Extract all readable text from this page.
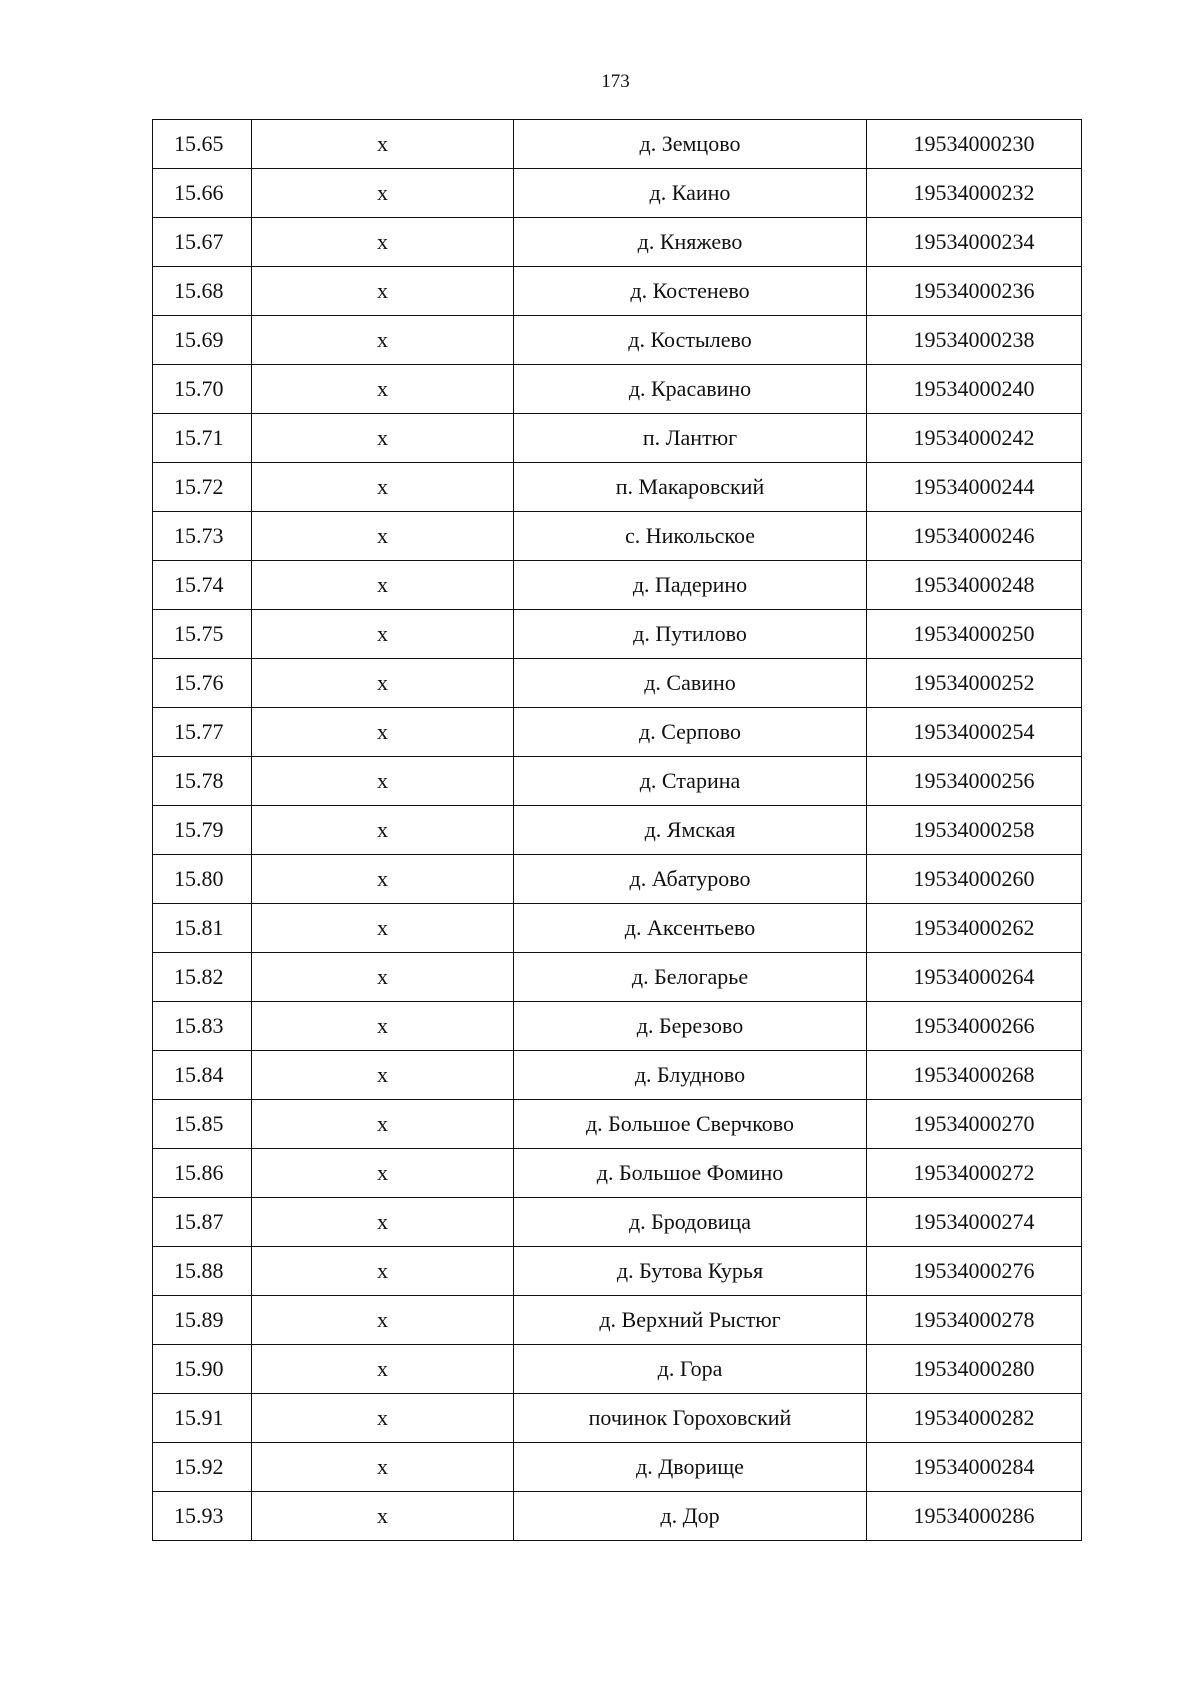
173
15.65	x	д. Земцово	19534000230
15.66	x	д. Каино	19534000232
15.67	x	д. Княжево	19534000234
15.68	x	д. Костенево	19534000236
15.69	x	д. Костылево	19534000238
15.70	x	д. Красавино	19534000240
15.71	x	п. Лантюг	19534000242
15.72	x	п. Макаровский	19534000244
15.73	x	с. Никольское	19534000246
15.74	x	д. Падерино	19534000248
15.75	x	д. Путилово	19534000250
15.76	x	д. Савино	19534000252
15.77	x	д. Серпово	19534000254
15.78	x	д. Старина	19534000256
15.79	x	д. Ямская	19534000258
15.80	x	д. Абатурово	19534000260
15.81	x	д. Аксентьево	19534000262
15.82	x	д. Белогарье	19534000264
15.83	x	д. Березово	19534000266
15.84	x	д. Блудново	19534000268
15.85	x	д. Большое Сверчково	19534000270
15.86	x	д. Большое Фомино	19534000272
15.87	x	д. Бродовица	19534000274
15.88	x	д. Бутова Курья	19534000276
15.89	x	д. Верхний Рыстюг	19534000278
15.90	x	д. Гора	19534000280
15.91	x	починок Гороховский	19534000282
15.92	x	д. Дворище	19534000284
15.93	x	д. Дор	19534000286
